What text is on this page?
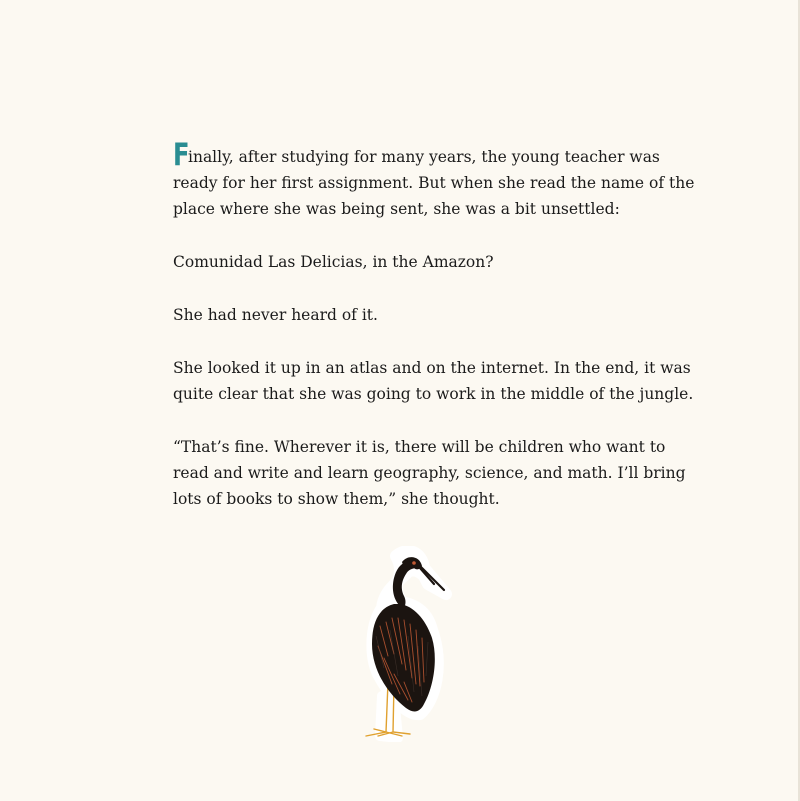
Finally, after studying for many years, the young teacher was
ready for her first assignment. But when she read the name of the
place where she was being sent, she was a bit unsettled:

Comunidad Las Delicias, in the Amazon?

She had never heard of it.

She looked it up in an atlas and on the internet. In the end, it was
quite clear that she was going to work in the middle of the jungle.

“That’s fine. Wherever it is, there will be children who want to
read and write and learn geography, science, and math. I’ll bring
lots of books to show them,” she thought.
